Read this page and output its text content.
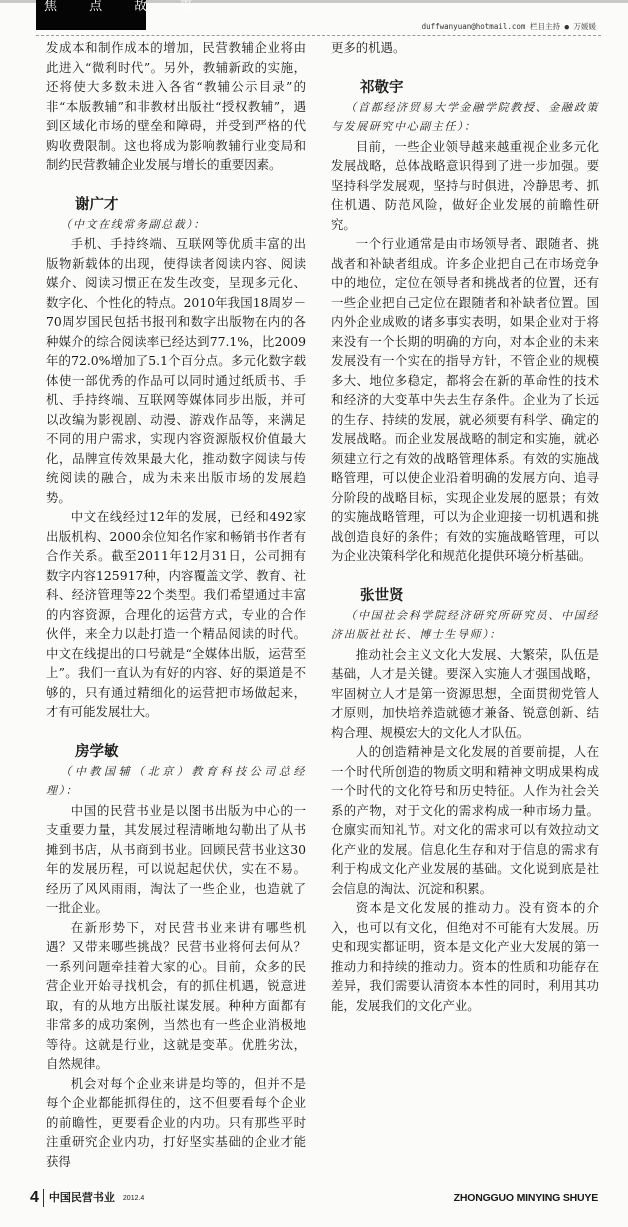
焦 点 故 事
duffwanyuan@hotmail.com 栏目主持 ● 万媛媛

发成本和制作成本的增加，民营教辅企业将由此进入“微利时代”。另外，教辅新政的实施，还将使大多数未进入各省“教辅公示目录”的非“本版教辅”和非教材出版社“授权教辅”，遇到区域化市场的壁垒和障碍，并受到严格的代购收费限制。这也将成为影响教辅行业变局和制约民营教辅企业发展与增长的重要因素。

谢广才

（中文在线常务副总裁）：

手机、手持终端、互联网等优质丰富的出版物新载体的出现，使得读者阅读内容、阅读媒介、阅读习惯正在发生改变，呈现多元化、数字化、个性化的特点。2010年我国18周岁－70周岁国民包括书报刊和数字出版物在内的各种媒介的综合阅读率已经达到77.1%，比2009年的72.0%增加了5.1个百分点。多元化数字载体使一部优秀的作品可以同时通过纸质书、手机、手持终端、互联网等媒体同步出版，并可以改编为影视剧、动漫、游戏作品等，来满足不同的用户需求，实现内容资源版权价值最大化，品牌宣传效果最大化，推动数字阅读与传统阅读的融合，成为未来出版市场的发展趋势。

中文在线经过12年的发展，已经和492家出版机构、2000余位知名作家和畅销书作者有合作关系。截至2011年12月31日，公司拥有数字内容125917种，内容覆盖文学、教育、社科、经济管理等22个类型。我们希望通过丰富的内容资源，合理化的运营方式，专业的合作伙伴，来全力以赴打造一个精品阅读的时代。中文在线提出的口号就是“全媒体出版，运营至上”。我们一直认为有好的内容、好的渠道是不够的，只有通过精细化的运营把市场做起来，才有可能发展壮大。

房学敏

（中教国辅（北京）教育科技公司总经理）：

中国的民营书业是以图书出版为中心的一支重要力量，其发展过程清晰地勾勒出了从书摊到书店，从书商到书业。回顾民营书业这30年的发展历程，可以说起起伏伏，实在不易。经历了风风雨雨，淘汰了一些企业，也造就了一批企业。

在新形势下，对民营书业来讲有哪些机遇？又带来哪些挑战？民营书业将何去何从？一系列问题牵挂着大家的心。目前，众多的民营企业开始寻找机会，有的抓住机遇，锐意进取，有的从地方出版社谋发展。种种方面都有非常多的成功案例，当然也有一些企业消极地等待。这就是行业，这就是变革。优胜劣汰，自然规律。

机会对每个企业来讲是均等的，但并不是每个企业都能抓得住的，这不但要看每个企业的前瞻性，更要看企业的内功。只有那些平时注重研究企业内功，打好坚实基础的企业才能获得

更多的机遇。

祁敬宇

（首都经济贸易大学金融学院教授、金融政策与发展研究中心副主任）：

目前，一些企业领导越来越重视企业多元化发展战略，总体战略意识得到了进一步加强。要坚持科学发展观，坚持与时俱进，冷静思考、抓住机遇、防范风险，做好企业发展的前瞻性研究。

一个行业通常是由市场领导者、跟随者、挑战者和补缺者组成。许多企业把自己在市场竞争中的地位，定位在领导者和挑战者的位置，还有一些企业把自己定位在跟随者和补缺者位置。国内外企业成败的诸多事实表明，如果企业对于将来没有一个长期的明确的方向，对本企业的未来发展没有一个实在的指导方针，不管企业的规模多大、地位多稳定，都将会在新的革命性的技术和经济的大变革中失去生存条件。企业为了长远的生存、持续的发展，就必须要有科学、确定的发展战略。而企业发展战略的制定和实施，就必须建立行之有效的战略管理体系。有效的实施战略管理，可以使企业沿着明确的发展方向、追寻分阶段的战略目标，实现企业发展的愿景；有效的实施战略管理，可以为企业迎接一切机遇和挑战创造良好的条件；有效的实施战略管理，可以为企业决策科学化和规范化提供环境分析基础。

张世贤

（中国社会科学院经济研究所研究员、中国经济出版社社长、博士生导师）：

推动社会主义文化大发展、大繁荣，队伍是基础，人才是关键。要深入实施人才强国战略，牢固树立人才是第一资源思想，全面贯彻党管人才原则，加快培养造就德才兼备、锐意创新、结构合理、规模宏大的文化人才队伍。

人的创造精神是文化发展的首要前提，人在一个时代所创造的物质文明和精神文明成果构成一个时代的文化符号和历史特征。人作为社会关系的产物，对于文化的需求构成一种市场力量。仓廪实而知礼节。对文化的需求可以有效拉动文化产业的发展。信息化生存和对于信息的需求有利于构成文化产业发展的基础。文化说到底是社会信息的淘汰、沉淀和积累。

资本是文化发展的推动力。没有资本的介入，也可以有文化，但绝对不可能有大发展。历史和现实都证明，资本是文化产业大发展的第一推动力和持续的推动力。资本的性质和功能存在差异，我们需要认清资本本性的同时，利用其功能，发展我们的文化产业。

4 中国民营书业 2012.4	ZHONGGUO MINYING SHUYE
